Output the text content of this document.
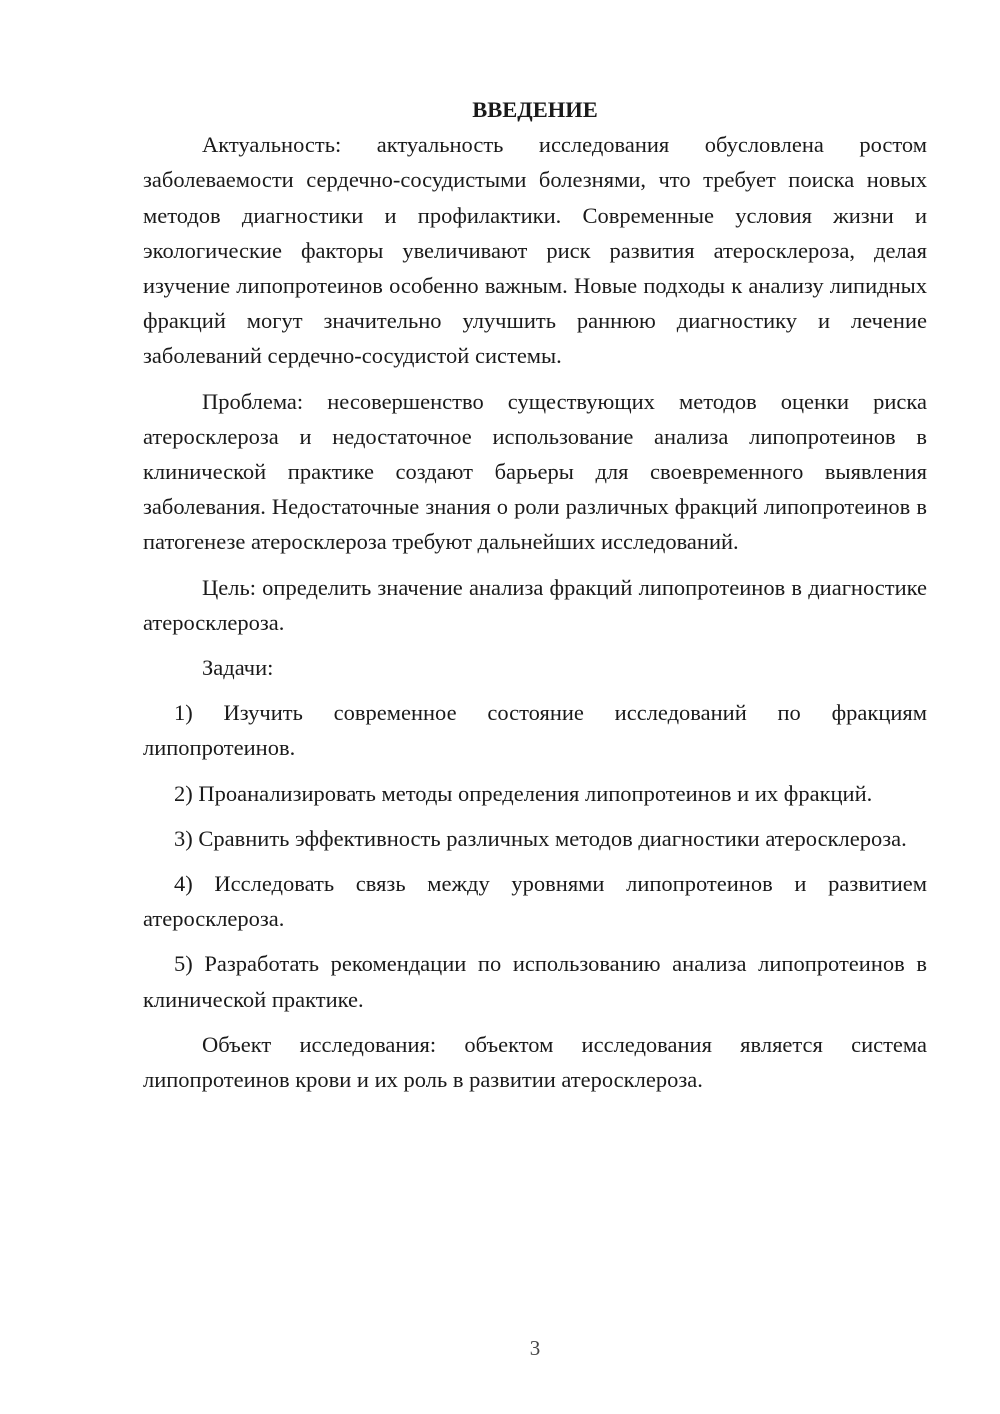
ВВЕДЕНИЕ

Актуальность: актуальность исследования обусловлена ростом заболеваемости сердечно-сосудистыми болезнями, что требует поиска новых методов диагностики и профилактики. Современные условия жизни и экологические факторы увеличивают риск развития атеросклероза, делая изучение липопротеинов особенно важным. Новые подходы к анализу липидных фракций могут значительно улучшить раннюю диагностику и лечение заболеваний сердечно-сосудистой системы.

Проблема: несовершенство существующих методов оценки риска атеросклероза и недостаточное использование анализа липопротеинов в клинической практике создают барьеры для своевременного выявления заболевания. Недостаточные знания о роли различных фракций липопротеинов в патогенезе атеросклероза требуют дальнейших исследований.

Цель: определить значение анализа фракций липопротеинов в диагностике атеросклероза.

Задачи:

1) Изучить современное состояние исследований по фракциям липопротеинов.

2) Проанализировать методы определения липопротеинов и их фракций.

3) Сравнить эффективность различных методов диагностики атеросклероза.

4) Исследовать связь между уровнями липопротеинов и развитием атеросклероза.

5) Разработать рекомендации по использованию анализа липопротеинов в клинической практике.

Объект исследования: объектом исследования является система липопротеинов крови и их роль в развитии атеросклероза.

3
